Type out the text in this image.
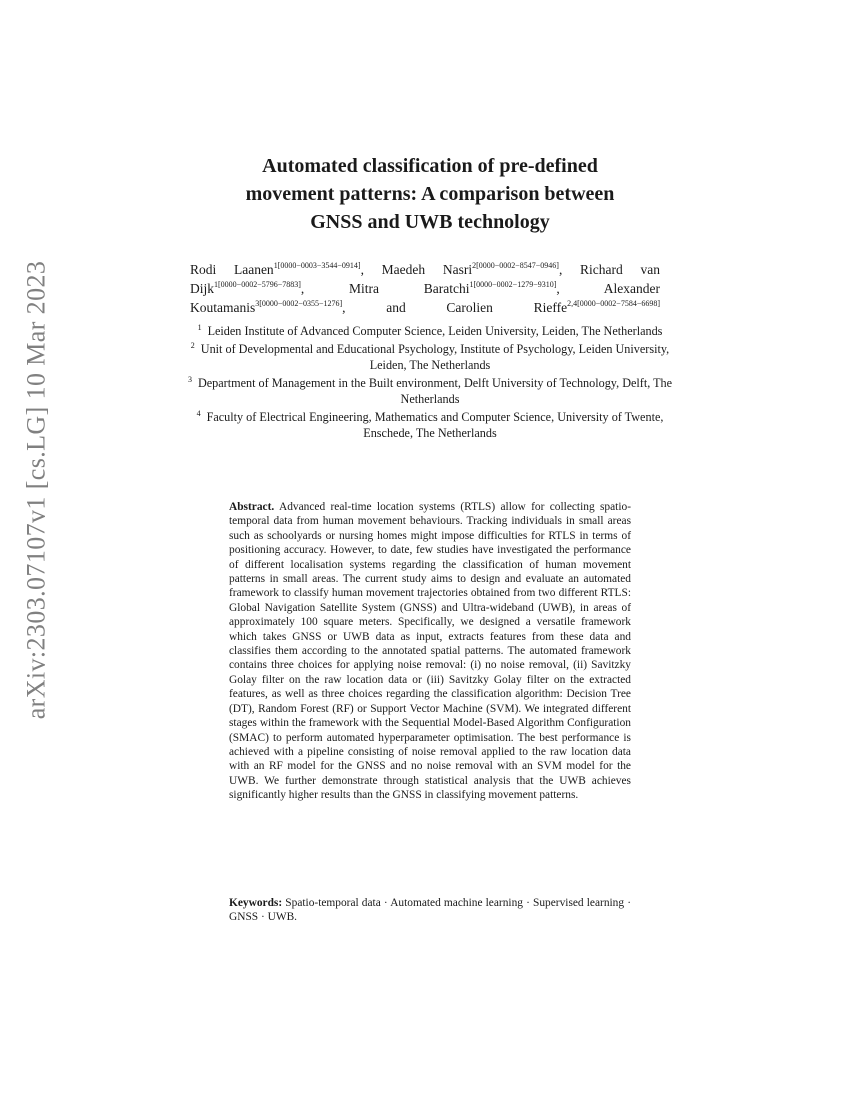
arXiv:2303.07107v1 [cs.LG] 10 Mar 2023
Automated classification of pre-defined
movement patterns: A comparison between
GNSS and UWB technology
Rodi Laanen$^{1[0000-0003-3544-0914]}$, Maedeh Nasri$^{2[0000-0002-8547-0946]}$, Richard van Dijk$^{1[0000-0002-5796-7883]}$, Mitra Baratchi$^{1[0000-0002-1279-9310]}$, Alexander Koutamanis$^{3[0000-0002-0355-1276]}$, and Carolien Rieffe$^{2,4[0000-0002-7584-6698]}$
$^1$ Leiden Institute of Advanced Computer Science, Leiden University, Leiden, The Netherlands
$^2$ Unit of Developmental and Educational Psychology, Institute of Psychology, Leiden University, Leiden, The Netherlands
$^3$ Department of Management in the Built environment, Delft University of Technology, Delft, The Netherlands
$^4$ Faculty of Electrical Engineering, Mathematics and Computer Science, University of Twente, Enschede, The Netherlands
Abstract. Advanced real-time location systems (RTLS) allow for collecting spatio-temporal data from human movement behaviours. Tracking individuals in small areas such as schoolyards or nursing homes might impose difficulties for RTLS in terms of positioning accuracy. However, to date, few studies have investigated the performance of different localisation systems regarding the classification of human movement patterns in small areas. The current study aims to design and evaluate an automated framework to classify human movement trajectories obtained from two different RTLS: Global Navigation Satellite System (GNSS) and Ultra-wideband (UWB), in areas of approximately 100 square meters. Specifically, we designed a versatile framework which takes GNSS or UWB data as input, extracts features from these data and classifies them according to the annotated spatial patterns. The automated framework contains three choices for applying noise removal: (i) no noise removal, (ii) Savitzky Golay filter on the raw location data or (iii) Savitzky Golay filter on the extracted features, as well as three choices regarding the classification algorithm: Decision Tree (DT), Random Forest (RF) or Support Vector Machine (SVM). We integrated different stages within the framework with the Sequential Model-Based Algorithm Configuration (SMAC) to perform automated hyperparameter optimisation. The best performance is achieved with a pipeline consisting of noise removal applied to the raw location data with an RF model for the GNSS and no noise removal with an SVM model for the UWB. We further demonstrate through statistical analysis that the UWB achieves significantly higher results than the GNSS in classifying movement patterns.
Keywords: Spatio-temporal data · Automated machine learning · Supervised learning · GNSS · UWB.
